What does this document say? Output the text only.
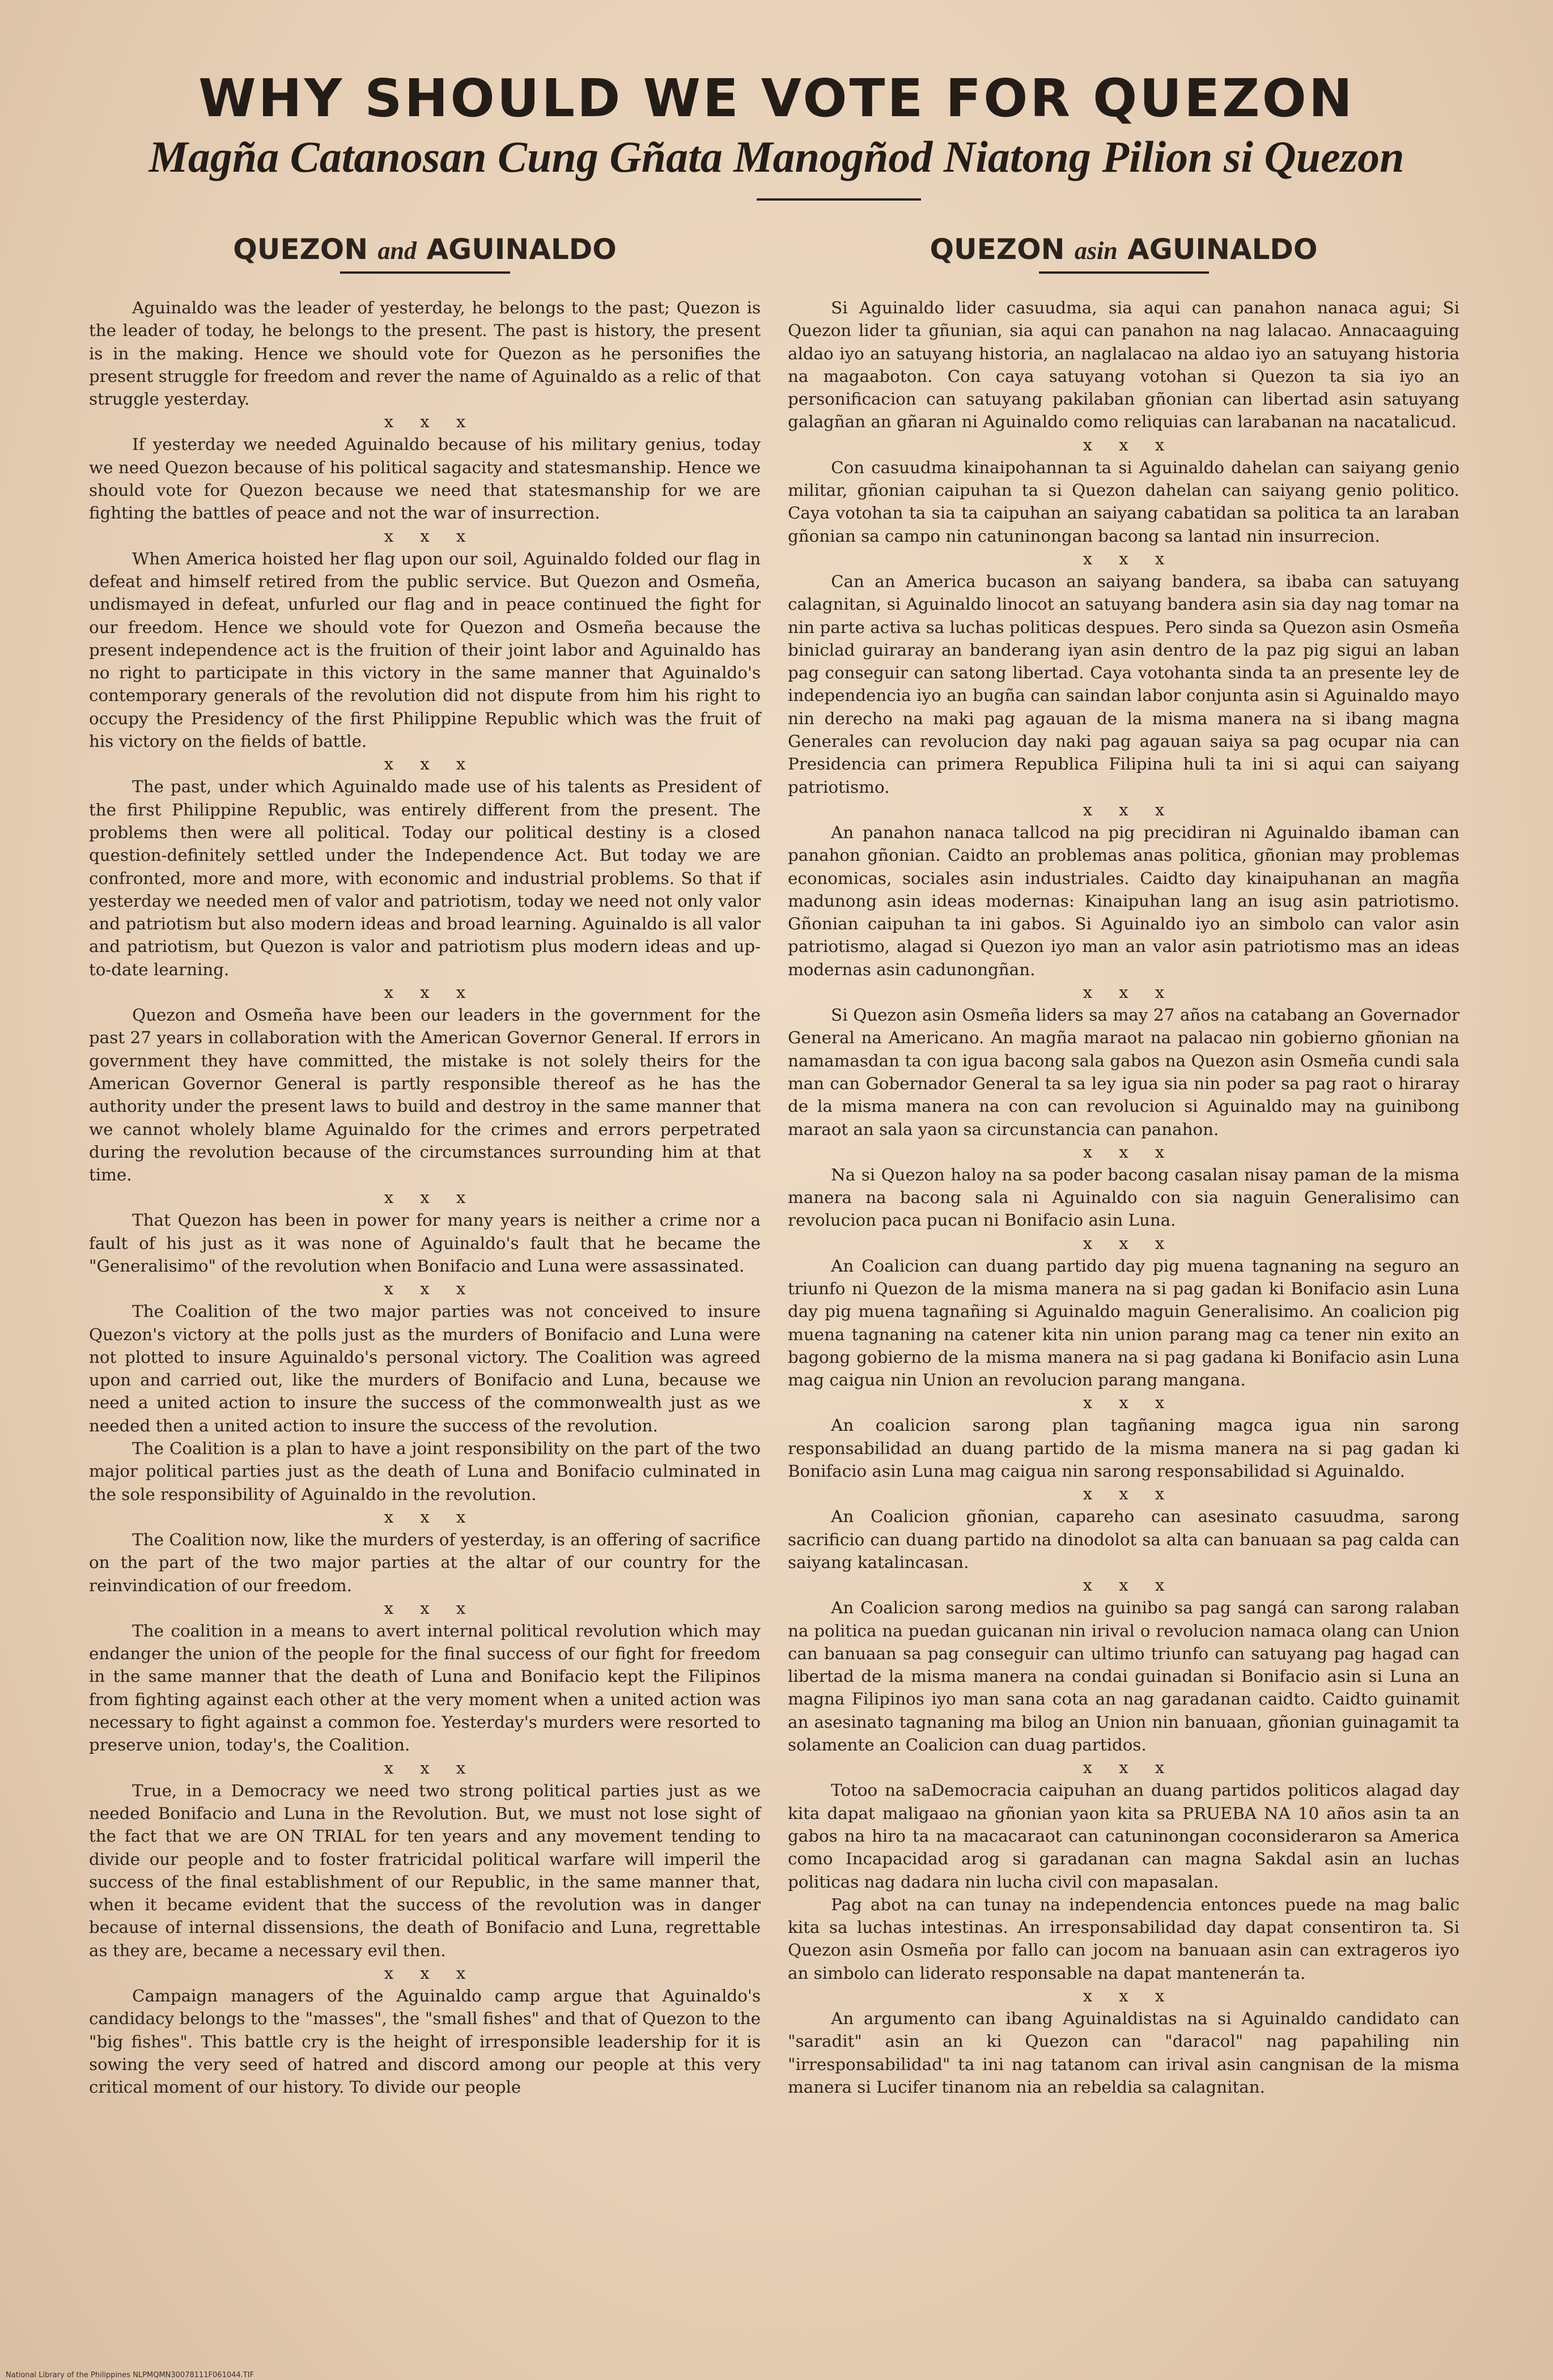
WHY SHOULD WE VOTE FOR QUEZON
Magña Catanosan Cung Gñata Manogñod Niatong Pilion si Quezon
QUEZON and AGUINALDO

Aguinaldo was the leader of yesterday, he belongs to the past; Quezon is the leader of today, he belongs to the present. The past is history, the present is in the making. Hence we should vote for Quezon as he personifies the present struggle for freedom and rever the name of Aguinaldo as a relic of that struggle yesterday.

x x x

If yesterday we needed Aguinaldo because of his military genius, today we need Quezon because of his political sagacity and statesmanship. Hence we should vote for Quezon because we need that statesmanship for we are fighting the battles of peace and not the war of insurrection.

x x x

When America hoisted her flag upon our soil, Aguinaldo folded our flag in defeat and himself retired from the public service. But Quezon and Osmeña, undismayed in defeat, unfurled our flag and in peace continued the fight for our freedom. Hence we should vote for Quezon and Osmeña because the present independence act is the fruition of their joint labor and Aguinaldo has no right to participate in this victory in the same manner that Aguinaldo's contemporary generals of the revolution did not dispute from him his right to occupy the Presidency of the first Philippine Republic which was the fruit of his victory on the fields of battle.

x x x

The past, under which Aguinaldo made use of his talents as President of the first Philippine Republic, was entirely different from the present. The problems then were all political. Today our political destiny is a closed question-definitely settled under the Independence Act. But today we are confronted, more and more, with economic and industrial problems. So that if yesterday we needed men of valor and patriotism, today we need not only valor and patriotism but also modern ideas and broad learning. Aguinaldo is all valor and patriotism, but Quezon is valor and patriotism plus modern ideas and up-to-date learning.

x x x

Quezon and Osmeña have been our leaders in the government for the past 27 years in collaboration with the American Governor General. If errors in government they have committed, the mistake is not solely theirs for the American Governor General is partly responsible thereof as he has the authority under the present laws to build and destroy in the same manner that we cannot wholely blame Aguinaldo for the crimes and errors perpetrated during the revolution because of the circumstances surrounding him at that time.

x x x

That Quezon has been in power for many years is neither a crime nor a fault of his just as it was none of Aguinaldo's fault that he became the "Generalisimo" of the revolution when Bonifacio and Luna were assassinated.

x x x

The Coalition of the two major parties was not conceived to insure Quezon's victory at the polls just as the murders of Bonifacio and Luna were not plotted to insure Aguinaldo's personal victory. The Coalition was agreed upon and carried out, like the murders of Bonifacio and Luna, because we need a united action to insure the success of the commonwealth just as we needed then a united action to insure the success of the revolution.

The Coalition is a plan to have a joint responsibility on the part of the two major political parties just as the death of Luna and Bonifacio culminated in the sole responsibility of Aguinaldo in the revolution.

x x x

The Coalition now, like the murders of yesterday, is an offering of sacrifice on the part of the two major parties at the altar of our country for the reinvindication of our freedom.

x x x

The coalition in a means to avert internal political revolution which may endanger the union of the people for the final success of our fight for freedom in the same manner that the death of Luna and Bonifacio kept the Filipinos from fighting against each other at the very moment when a united action was necessary to fight against a common foe. Yesterday's murders were resorted to preserve union, today's, the Coalition.

x x x

True, in a Democracy we need two strong political parties just as we needed Bonifacio and Luna in the Revolution. But, we must not lose sight of the fact that we are ON TRIAL for ten years and any movement tending to divide our people and to foster fratricidal political warfare will imperil the success of the final establishment of our Republic, in the same manner that, when it became evident that the success of the revolution was in danger because of internal dissensions, the death of Bonifacio and Luna, regrettable as they are, became a necessary evil then.

x x x

Campaign managers of the Aguinaldo camp argue that Aguinaldo's candidacy belongs to the "masses", the "small fishes" and that of Quezon to the "big fishes". This battle cry is the height of irresponsible leadership for it is sowing the very seed of hatred and discord among our people at this very critical moment of our history. To divide our people

QUEZON asin AGUINALDO

Si Aguinaldo lider casuudma, sia aqui can panahon nanaca agui; Si Quezon lider ta gñunian, sia aqui can panahon na nag lalacao. Annacaaguing aldao iyo an satuyang historia, an naglalacao na aldao iyo an satuyang historia na magaaboton. Con caya satuyang votohan si Quezon ta sia iyo an personificacion can satuyang pakilaban gñonian can libertad asin satuyang galagñan an gñaran ni Aguinaldo como reliquias can larabanan na nacatalicud.

x x x

Con casuudma kinaipohannan ta si Aguinaldo dahelan can saiyang genio militar, gñonian caipuhan ta si Quezon dahelan can saiyang genio politico. Caya votohan ta sia ta caipuhan an saiyang cabatidan sa politica ta an laraban gñonian sa campo nin catuninongan bacong sa lantad nin insurrecion.

x x x

Can an America bucason an saiyang bandera, sa ibaba can satuyang calagnitan, si Aguinaldo linocot an satuyang bandera asin sia day nag tomar na nin parte activa sa luchas politicas despues. Pero sinda sa Quezon asin Osmeña biniclad guiraray an banderang iyan asin dentro de la paz pig sigui an laban pag conseguir can satong libertad. Caya votohanta sinda ta an presente ley de independencia iyo an bugña can saindan labor conjunta asin si Aguinaldo mayo nin derecho na maki pag agauan de la misma manera na si ibang magna Generales can revolucion day naki pag agauan saiya sa pag ocupar nia can Presidencia can primera Republica Filipina huli ta ini si aqui can saiyang patriotismo.

x x x

An panahon nanaca tallcod na pig precidiran ni Aguinaldo ibaman can panahon gñonian. Caidto an problemas anas politica, gñonian may problemas economicas, sociales asin industriales. Caidto day kinaipuhanan an magña madunong asin ideas modernas: Kinaipuhan lang an isug asin patriotismo. Gñonian caipuhan ta ini gabos. Si Aguinaldo iyo an simbolo can valor asin patriotismo, alagad si Quezon iyo man an valor asin patriotismo mas an ideas modernas asin cadunongñan.

x x x

Si Quezon asin Osmeña liders sa may 27 años na catabang an Governador General na Americano. An magña maraot na palacao nin gobierno gñonian na namamasdan ta con igua bacong sala gabos na Quezon asin Osmeña cundi sala man can Gobernador General ta sa ley igua sia nin poder sa pag raot o hiraray de la misma manera na con can revolucion si Aguinaldo may na guinibong maraot an sala yaon sa circunstancia can panahon.

x x x

Na si Quezon haloy na sa poder bacong casalan nisay paman de la misma manera na bacong sala ni Aguinaldo con sia naguin Generalisimo can revolucion paca pucan ni Bonifacio asin Luna.

x x x

An Coalicion can duang partido day pig muena tagnaning na seguro an triunfo ni Quezon de la misma manera na si pag gadan ki Bonifacio asin Luna day pig muena tagnañing si Aguinaldo maguin Generalisimo. An coalicion pig muena tagnaning na catener kita nin union parang mag ca tener nin exito an bagong gobierno de la misma manera na si pag gadana ki Bonifacio asin Luna mag caigua nin Union an revolucion parang mangana.

x x x

An coalicion sarong plan tagñaning magca igua nin sarong responsabilidad an duang partido de la misma manera na si pag gadan ki Bonifacio asin Luna mag caigua nin sarong responsabilidad si Aguinaldo.

x x x

An Coalicion gñonian, capareho can asesinato casuudma, sarong sacrificio can duang partido na dinodolot sa alta can banuaan sa pag calda can saiyang katalincasan.

x x x

An Coalicion sarong medios na guinibo sa pag sangá can sarong ralaban na politica na puedan guicanan nin irival o revolucion namaca olang can Union can banuaan sa pag conseguir can ultimo triunfo can satuyang pag hagad can libertad de la misma manera na condai guinadan si Bonifacio asin si Luna an magna Filipinos iyo man sana cota an nag garadanan caidto. Caidto guinamit an asesinato tagnaning ma bilog an Union nin banuaan, gñonian guinagamit ta solamente an Coalicion can duag partidos.

x x x

Totoo na saDemocracia caipuhan an duang partidos politicos alagad day kita dapat maligaao na gñonian yaon kita sa PRUEBA NA 10 años asin ta an gabos na hiro ta na macacaraot can catuninongan coconsideraron sa America como Incapacidad arog si garadanan can magna Sakdal asin an luchas politicas nag dadara nin lucha civil con mapasalan.

Pag abot na can tunay na independencia entonces puede na mag balic kita sa luchas intestinas. An irresponsabilidad day dapat consentiron ta. Si Quezon asin Osmeña por fallo can jocom na banuaan asin can extrageros iyo an simbolo can liderato responsable na dapat mantenerán ta.

x x x

An argumento can ibang Aguinaldistas na si Aguinaldo candidato can "saradit" asin an ki Quezon can "daracol" nag papahiling nin "irresponsabilidad" ta ini nag tatanom can irival asin cangnisan de la misma manera si Lucifer tinanom nia an rebeldia sa calagnitan.

National Library of the Philippines NLPMQMN30078111F061044.TIF
